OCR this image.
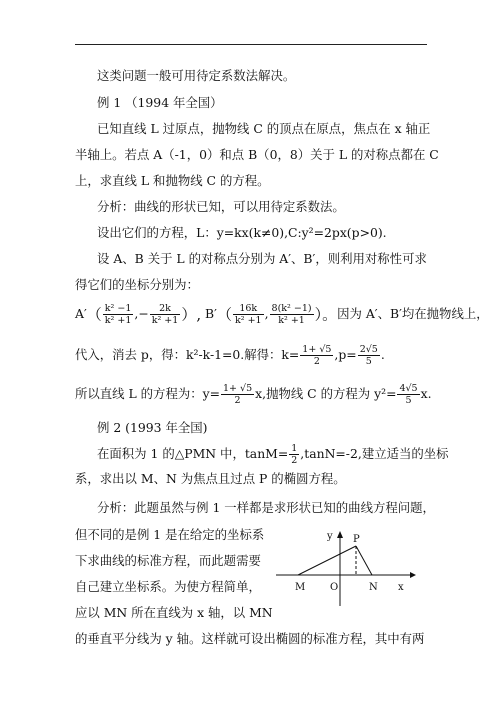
这类问题一般可用待定系数法解决。
例 1 （1994 年全国）
已知直线 L 过原点，抛物线 C 的顶点在原点，焦点在 x 轴正
半轴上。若点 A（-1，0）和点 B（0，8）关于 L 的对称点都在 C
上，求直线 L 和抛物线 C 的方程。
分析：曲线的形状已知，可以用待定系数法。
设出它们的方程，L：y=kx(k≠0),C:y²=2px(p>0).
设 A、B 关于 L 的对称点分别为 A′、B′，则利用对称性可求
得它们的坐标分别为：
$A'( \frac{\text{k² −1}}{\text{k² +1}}$ ,− $\frac{2k}{\text{k² +1}}$ ）, $B'( \frac{16k}{\text{k² +1}}$ , $\frac{\text{8(k² −1)}}{\text{k² +1}}$ ）。因为 A′、B′均在抛物线上，
代入，消去 p，得：k²-k-1=0.解得：$k= \frac{1+ √5}{2} ,p= \frac{2√5}{5}$ .
所以直线 L 的方程为：$y= \frac{1+ √5}{2} x$,抛物线 C 的方程为 $y^2= \frac{4√5}{5} x$.
例 2 (1993 年全国)
在面积为 1 的△PMN 中，$\tan M= \frac{1}{2} ,\tan N=-2$,建立适当的坐标
系，求出以 M、N 为焦点且过点 P 的椭圆方程。
分析：此题虽然与例 1 一样都是求形状已知的曲线方程问题，
但不同的是例 1 是在给定的坐标系
下求曲线的标准方程，而此题需要
自己建立坐标系。为使方程简单，
应以 MN 所在直线为 x 轴，以 MN
的垂直平分线为 y 轴。这样就可设出椭圆的标准方程，其中有两
y P
M O	N x
